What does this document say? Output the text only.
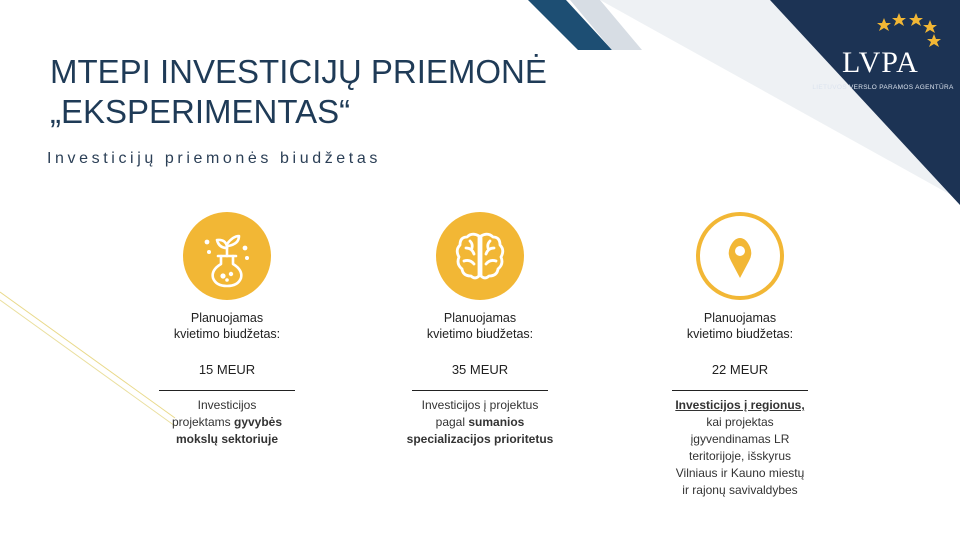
LVPA
LIETUVOS VERSLO PARAMOS AGENTŪRA
MTEPI INVESTICIJŲ PRIEMONĖ
„EKSPERIMENTAS“

Investicijų priemonės biudžetas

Planuojamas
kvietimo biudžetas:
15 MEUR
Investicijos
projektams gyvybės
mokslų sektoriuje
Planuojamas
kvietimo biudžetas:
35 MEUR
Investicijos į projektus
pagal sumanios
specializacijos prioritetus
Planuojamas
kvietimo biudžetas:
22 MEUR
Investicijos į regionus,
kai projektas
įgyvendinamas LR
teritorijoje, išskyrus
Vilniaus ir Kauno miestų
ir rajonų savivaldybes
